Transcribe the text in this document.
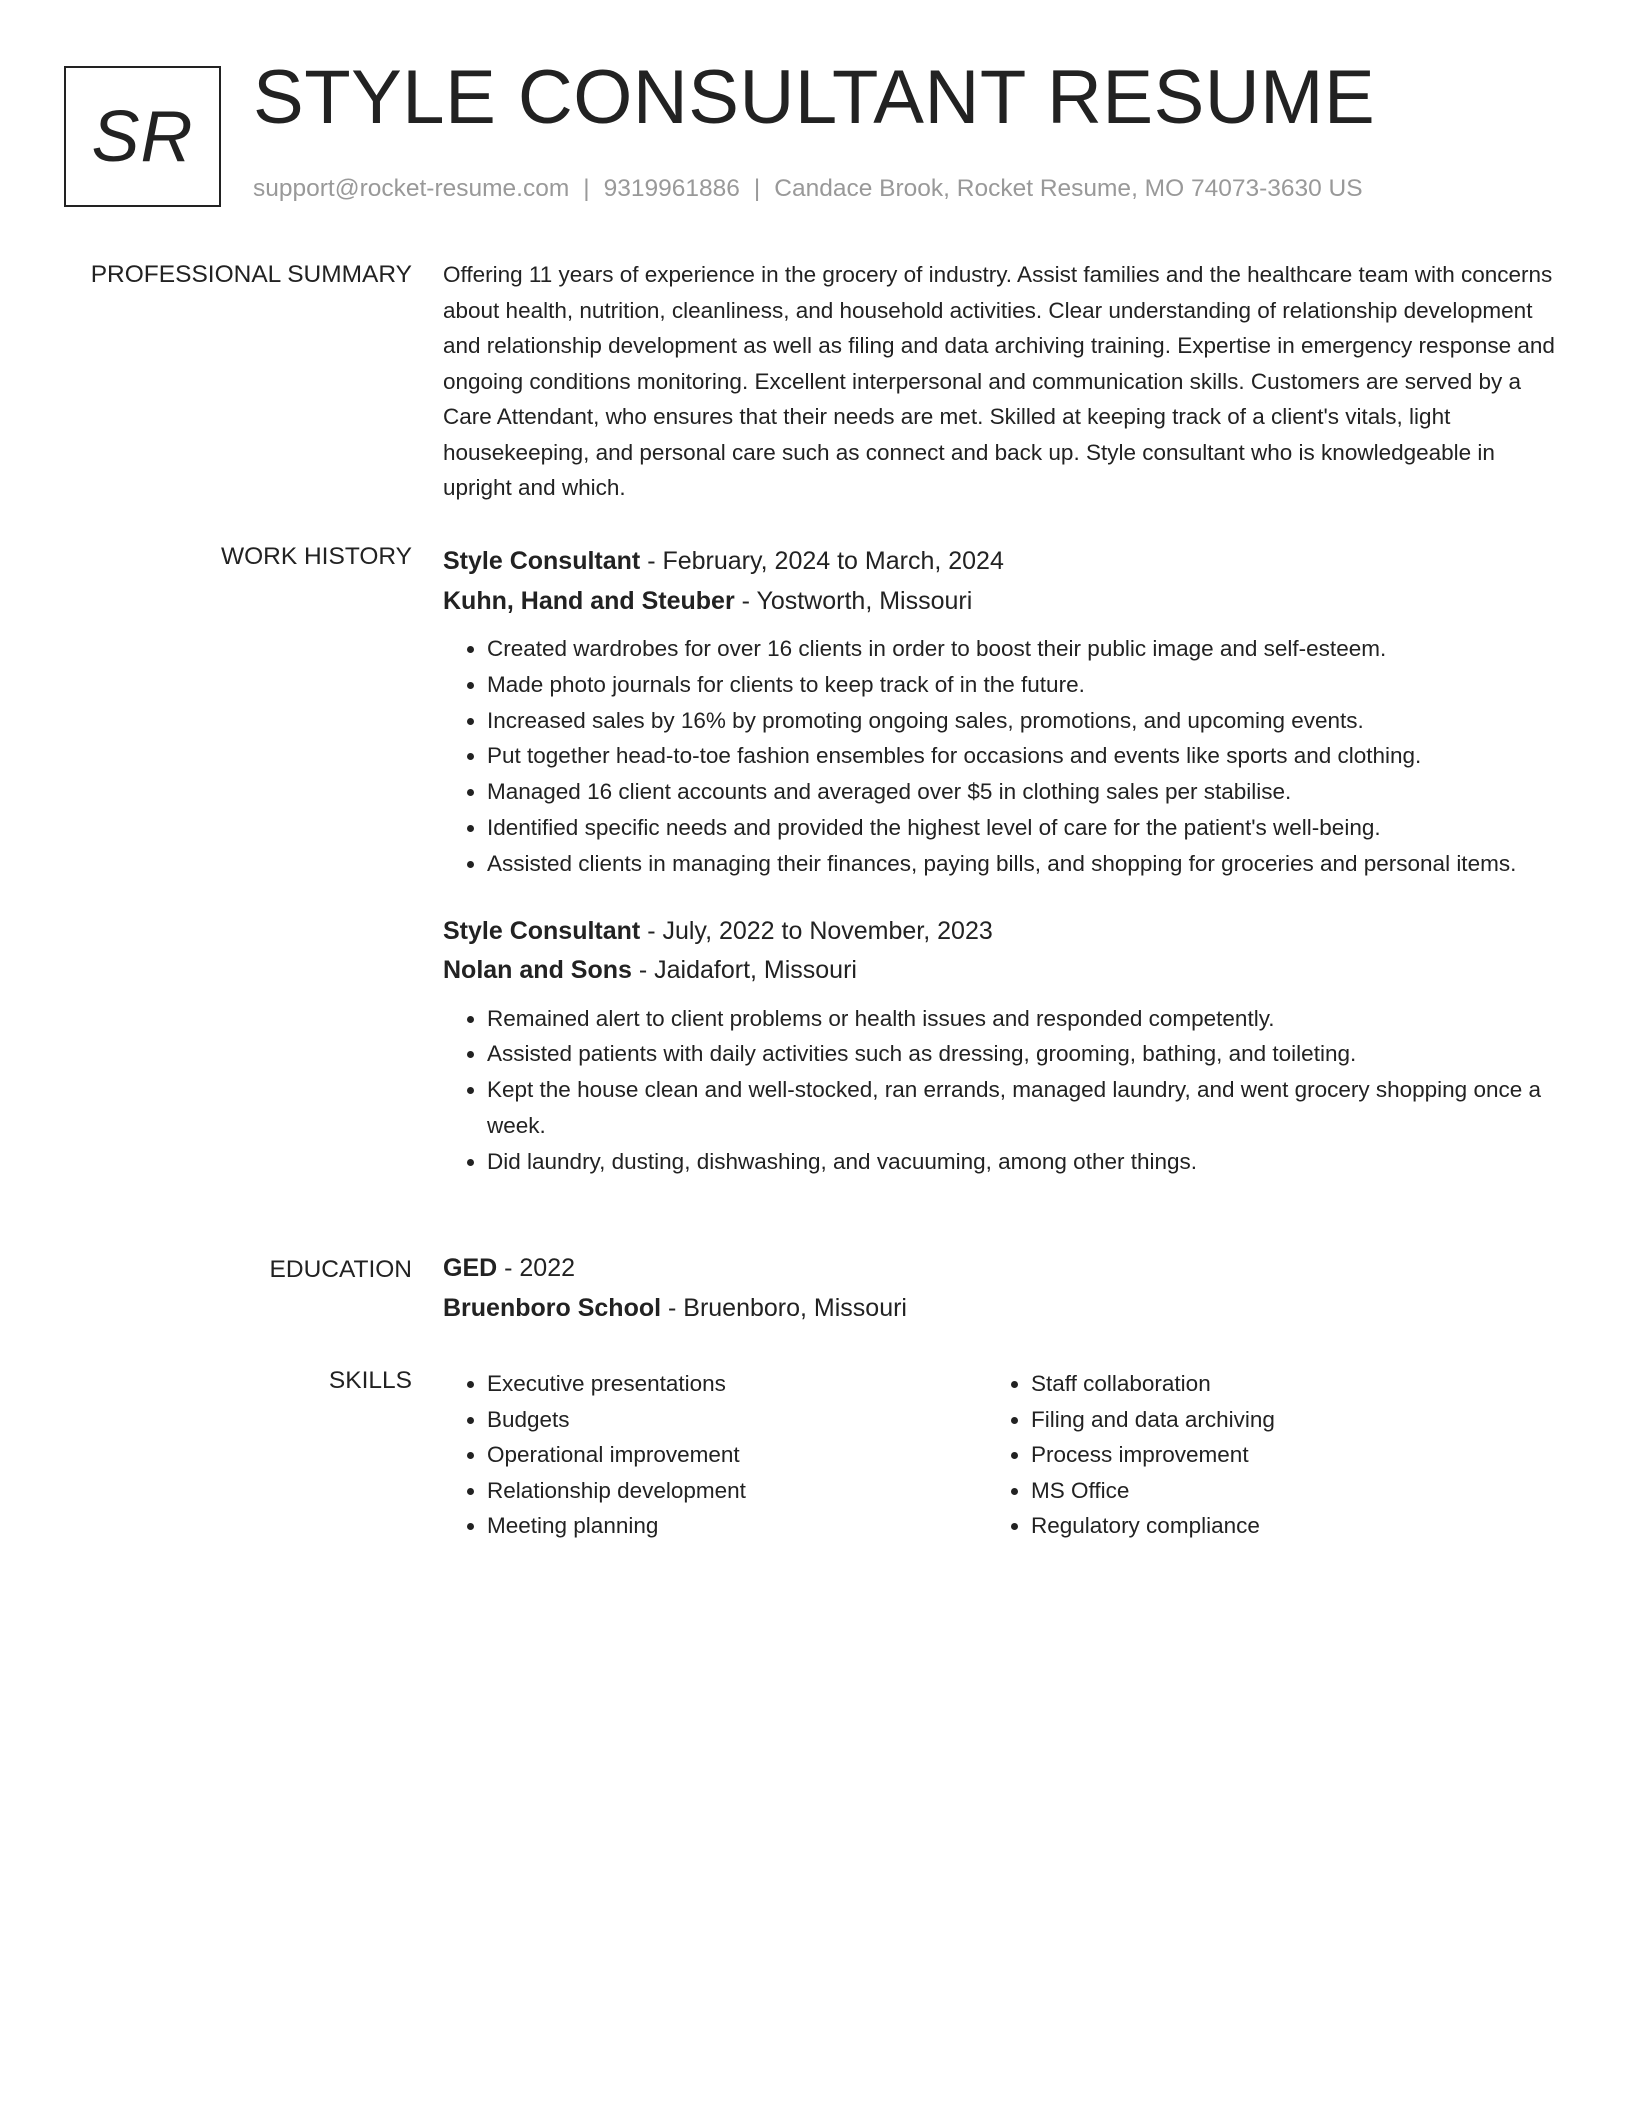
SR STYLE CONSULTANT RESUME
support@rocket-resume.com | 9319961886 | Candace Brook, Rocket Resume, MO 74073-3630 US
PROFESSIONAL SUMMARY Offering 11 years of experience in the grocery of industry. Assist families and the healthcare team with concerns about health, nutrition, cleanliness, and household activities. Clear understanding of relationship development and relationship development as well as filing and data archiving training. Expertise in emergency response and ongoing conditions monitoring. Excellent interpersonal and communication skills. Customers are served by a Care Attendant, who ensures that their needs are met. Skilled at keeping track of a client's vitals, light housekeeping, and personal care such as connect and back up. Style consultant who is knowledgeable in upright and which.

WORK HISTORY Style Consultant - February, 2024 to March, 2024

Kuhn, Hand and Steuber - Yostworth, Missouri

• Created wardrobes for over 16 clients in order to boost their public image and self-esteem.
• Made photo journals for clients to keep track of in the future.
• Increased sales by 16% by promoting ongoing sales, promotions, and upcoming events.
• Put together head-to-toe fashion ensembles for occasions and events like sports and clothing.
• Managed 16 client accounts and averaged over $5 in clothing sales per stabilise.
• Identified specific needs and provided the highest level of care for the patient's well-being.
• Assisted clients in managing their finances, paying bills, and shopping for groceries and personal items.

Style Consultant - July, 2022 to November, 2023

Nolan and Sons - Jaidafort, Missouri

• Remained alert to client problems or health issues and responded competently.
• Assisted patients with daily activities such as dressing, grooming, bathing, and toileting.
• Kept the house clean and well-stocked, ran errands, managed laundry, and went grocery shopping once a week.
• Did laundry, dusting, dishwashing, and vacuuming, among other things.
EDUCATION GED - 2022

Bruenboro School - Bruenboro, Missouri

SKILLS
•	Executive presentations
• Budgets
• Operational improvement
• Relationship development
• Meeting planning
• Staff collaboration
• Filing and data archiving
• Process improvement
• MS Office
• Regulatory compliance
